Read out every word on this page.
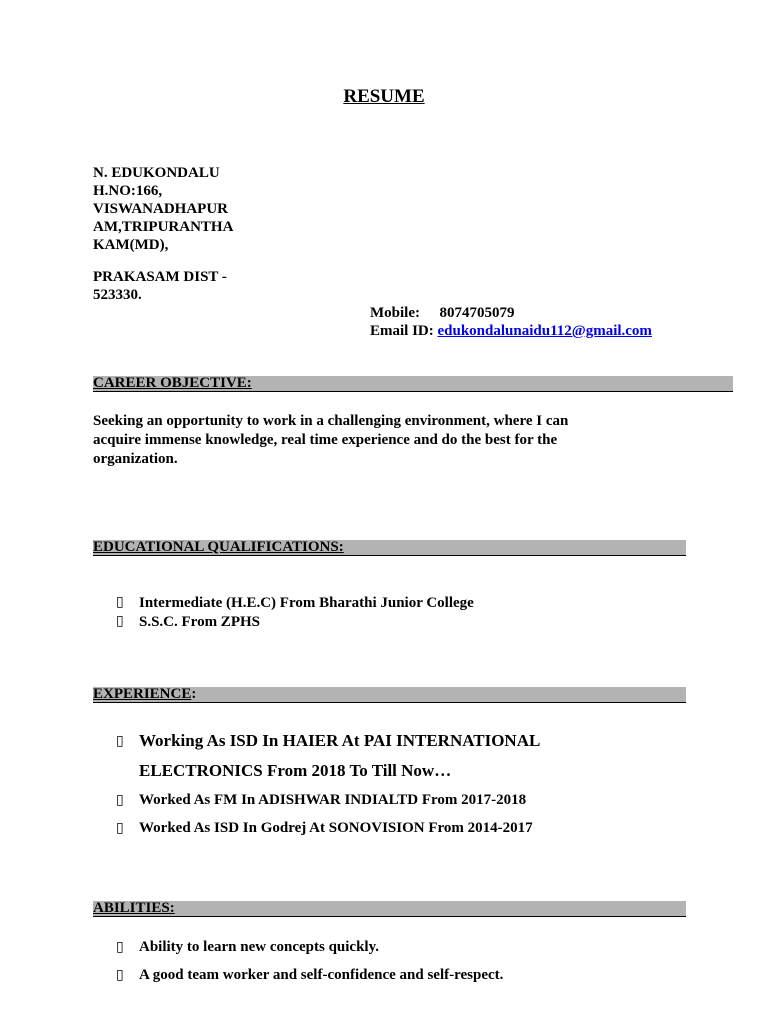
RESUME
N. EDUKONDALU
H.NO:166,
VISWANADHAPUR
AM,TRIPURANTHA
KAM(MD),
PRAKASAM DIST -
523330.
Mobile: 8074705079
Email ID: edukondalunaidu112@gmail.com
CAREER OBJECTIVE:
Seeking an opportunity to work in a challenging environment, where I can
acquire immense knowledge, real time experience and do the best for the
organization.
EDUCATIONAL QUALIFICATIONS:
▯ Intermediate (H.E.C) From Bharathi Junior College
▯ S.S.C. From ZPHS
EXPERIENCE:
▯ Working As ISD In HAIER At PAI INTERNATIONAL
ELECTRONICS From 2018 To Till Now…
▯ Worked As FM In ADISHWAR INDIALTD From 2017-2018
▯ Worked As ISD In Godrej At SONOVISION From 2014-2017
ABILITIES:
▯ Ability to learn new concepts quickly.
▯ A good team worker and self-confidence and self-respect.
